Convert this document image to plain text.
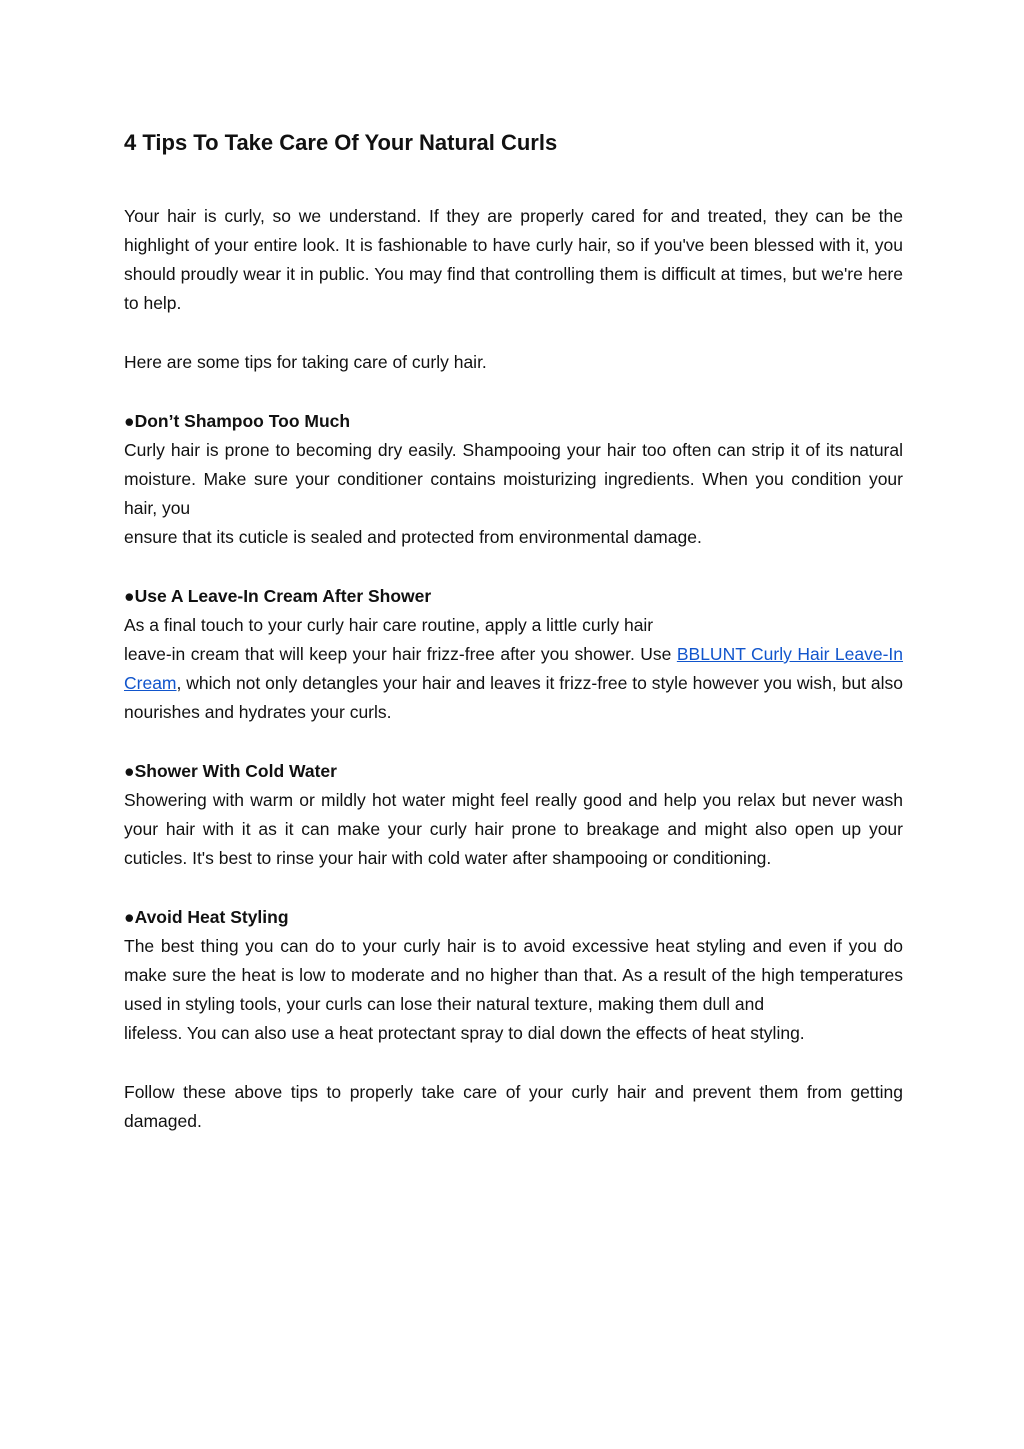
4 Tips To Take Care Of Your Natural Curls

Your hair is curly, so we understand. If they are properly cared for and treated, they can be the highlight of your entire look. It is fashionable to have curly hair, so if you've been blessed with it, you should proudly wear it in public. You may find that controlling them is difficult at times, but we're here to help.

Here are some tips for taking care of curly hair.

●Don’t Shampoo Too Much

Curly hair is prone to becoming dry easily. Shampooing your hair too often can strip it of its natural moisture. Make sure your conditioner contains moisturizing ingredients. When you condition your hair, you
ensure that its cuticle is sealed and protected from environmental damage.

●Use A Leave-In Cream After Shower

As a final touch to your curly hair care routine, apply a little curly hair
leave-in cream that will keep your hair frizz-free after you shower. Use BBLUNT Curly Hair Leave-In Cream, which not only detangles your hair and leaves it frizz-free to style however you wish, but also nourishes and hydrates your curls.

●Shower With Cold Water

Showering with warm or mildly hot water might feel really good and help you relax but never wash your hair with it as it can make your curly hair prone to breakage and might also open up your cuticles. It's best to rinse your hair with cold water after shampooing or conditioning.

●Avoid Heat Styling

The best thing you can do to your curly hair is to avoid excessive heat styling and even if you do make sure the heat is low to moderate and no higher than that. As a result of the high temperatures used in styling tools, your curls can lose their natural texture, making them dull and
lifeless. You can also use a heat protectant spray to dial down the effects of heat styling.

Follow these above tips to properly take care of your curly hair and prevent them from getting damaged.
